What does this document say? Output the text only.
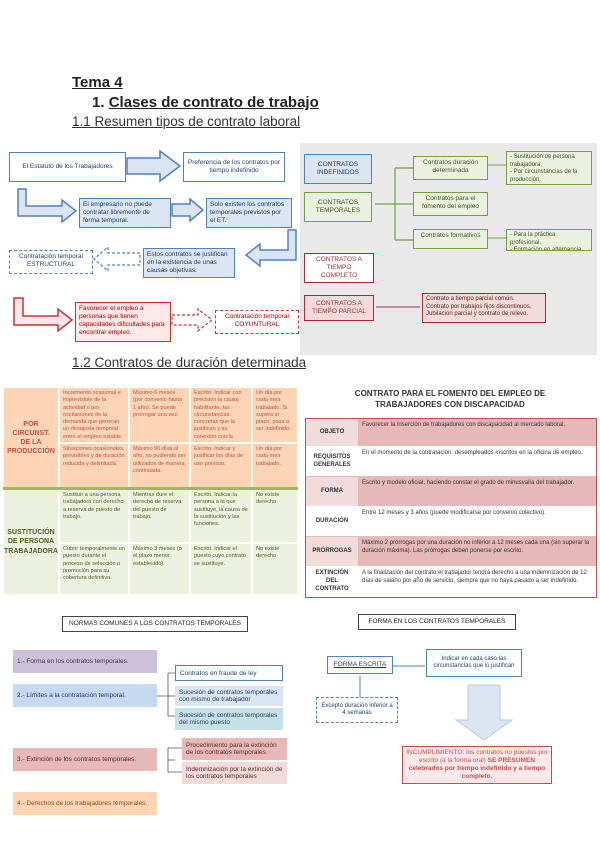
Tema 4
1. Clases de contrato de trabajo
1.1 Resumen tipos de contrato laboral
El Estatuto de los Trabajadores
Preferencia de los contratos por tiempo indefinido
El empresario no puede contratar libremente de forma temporal.
Solo existen los contratos temporales previstos por el ET.
Estos contratos se justifican en la existencia de unas causas objetivas.
Contratación temporal
ESTRUCTURAL
Favorecer el empleo a personas que tienen capacidades dificultades para encontrar empleo.
Contratación temporal
COYUNTURAL
CONTRATOS INDEFINIDOS
CONTRATOS TEMPORALES
CONTRATOS A TIEMPO COMPLETO
CONTRATOS A TIEMPO PARCIAL
Contratos duración determinada
Contratos para el fomento del empleo
Contratos formativos
- Sustitución de persona trabajadora.
- Por circunstancias de la producción.
- Para la práctica profesional.
- Formación en alternancia.
Contrato a tiempo parcial común.
Contrato por trabajos fijos discontinuos.
Jubilación parcial y contrato de relevo.
1.2 Contratos de duración determinada
POR CIRCUNST. DE LA PRODUCCIÓN
Incremento ocasional e imprevisible de la actividad o por oscilaciones de la demanda que generan un desajuste temporal entre el empleo estable
Máximo 6 meses (por convenio hasta 1 año). Se puede prorrogar una vez.
Escrito. Indicar con precisión la causa habilitante, las circunstancias concretas que la justifican y su conexión con la
Un día por cada mes trabajado. Si supera el plazo, pasa a ser indefinido.
Situaciones ocasionales, previsibles y de duración reducida y delimitada.
Máximo 90 días al año, no pudiendo ser utilizados de manera continuada.
Escrito. Indicar y justificar los días de uso previsto.
Un día por cada mes trabajado.
SUSTITUCIÓN DE PERSONA TRABAJADORA
Sustituir a una persona trabajadora con derecho a reserva de puesto de trabajo.
Mientras dure el derecho de reserva del puesto de trabajo.
Escrito. Indicar la persona a la que sustituye, la causa de la sustitución y las funciones.
No existe derecho
Cubrir temporalmente un puesto durante el proceso de selección o promoción para su cobertura definitiva.
Máximo 3 meses (o el plazo menor establecido).
Escrito. Indicar el puesto cuyo contrato se sustituye.
No existe derecho
CONTRATO PARA EL FOMENTO DEL EMPLEO DE
TRABAJADORES CON DISCAPACIDAD
OBJETO
Favorecer la inserción de trabajadores con discapacidad al mercado laboral.
REQUISITOS GENERALES
En el momento de la contratación: desempleados inscritos en la oficina de empleo.
FORMA
Escrito y modelo oficial, haciendo constar el grado de minusvalía del trabajador.
DURACIÓN
Entre 12 meses y 3 años (puede modificarse por convenio colectivo).
PRÓRROGAS
Máximo 2 prórrogas por una duración no inferior a 12 meses cada una (sin superar la duración máxima). Las prórrogas deben ponerse por escrito.
EXTINCIÓN DEL CONTRATO
A la finalización del contrato el trabajador tendrá derecho a una indemnización de 12 días de salario por año de servicio, siempre que no haya pasado a ser indefinido.
NORMAS COMUNES A LOS CONTRATOS TEMPORALES
1.- Forma en los contratos temporales.
2.- Límites a la contratación temporal.
3.- Extinción de los contratos temporales.
4.- Derechos de los trabajadores temporales.
Contratos en fraude de ley
Sucesión de contratos temporales con mismo de trabajador
Sucesión de contratos temporales del mismo puesto
Procedimiento para la extinción de los contratos temporales
Indemnización por la extinción de los contratos temporales
FORMA EN LOS CONTRATOS TEMPORALES
FORMA ESCRITA
Indicar en cada caso las circunstancias que lo justifican
Excepto duración inferior a 4 semanas
INCUMPLIMIENTO: los contratos no puestos por escrito (a la forma oral) SE PRESUMEN celebrados por tiempo indefinido y a tiempo completo.
